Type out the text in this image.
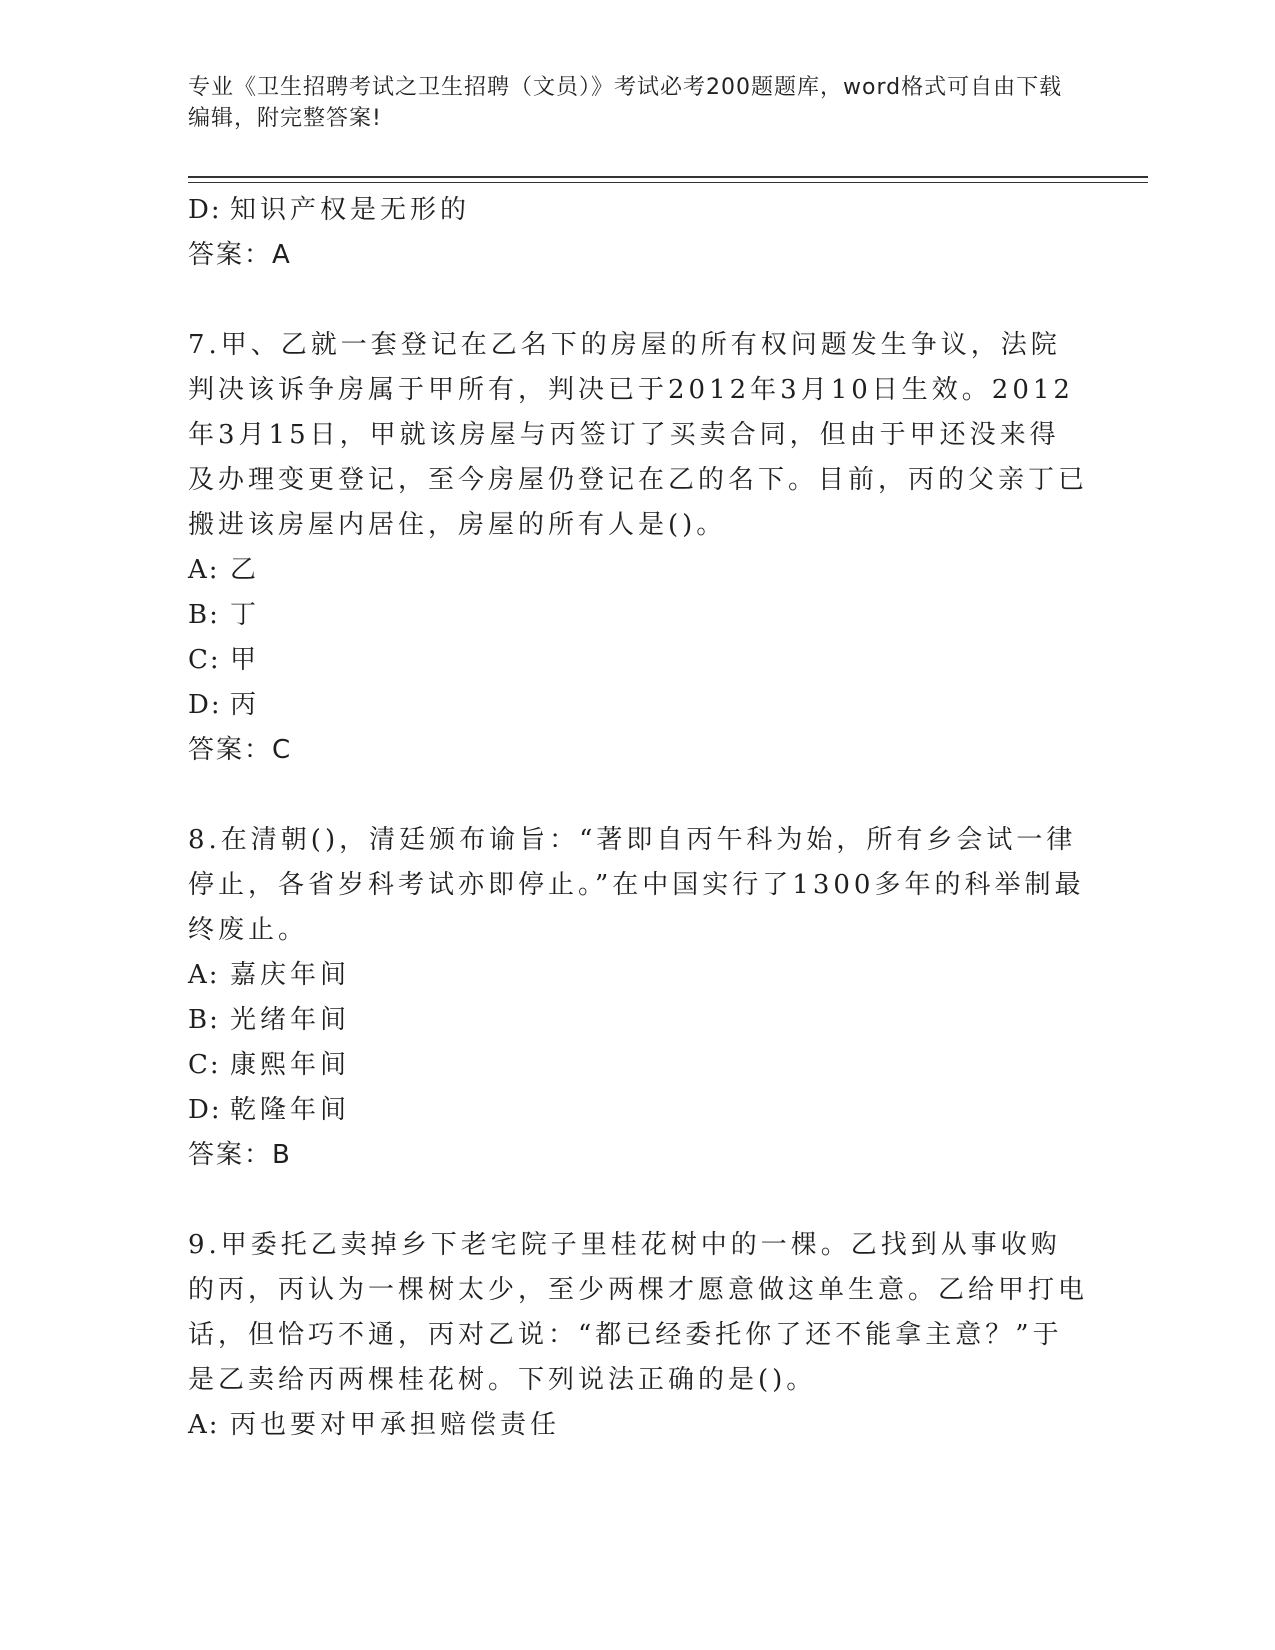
专业《卫生招聘考试之卫生招聘（文员）》考试必考200题题库，word格式可自由下载编辑，附完整答案!
D: 知识产权是无形的

答案：A

7.甲、乙就一套登记在乙名下的房屋的所有权问题发生争议，法院判决该诉争房属于甲所有，判决已于2012年3月10日生效。2012年3月15日，甲就该房屋与丙签订了买卖合同，但由于甲还没来得及办理变更登记，至今房屋仍登记在乙的名下。目前，丙的父亲丁已搬进该房屋内居住，房屋的所有人是()。

A: 乙
B: 丁
C: 甲
D: 丙

答案：C

8.在清朝()，清廷颁布谕旨：“著即自丙午科为始，所有乡会试一律停止，各省岁科考试亦即停止。”在中国实行了1300多年的科举制最终废止。

A: 嘉庆年间
B: 光绪年间
C: 康熙年间
D: 乾隆年间

答案：B

9.甲委托乙卖掉乡下老宅院子里桂花树中的一棵。乙找到从事收购的丙，丙认为一棵树太少，至少两棵才愿意做这单生意。乙给甲打电话，但恰巧不通，丙对乙说：“都已经委托你了还不能拿主意？”于是乙卖给丙两棵桂花树。下列说法正确的是()。

A: 丙也要对甲承担赔偿责任
